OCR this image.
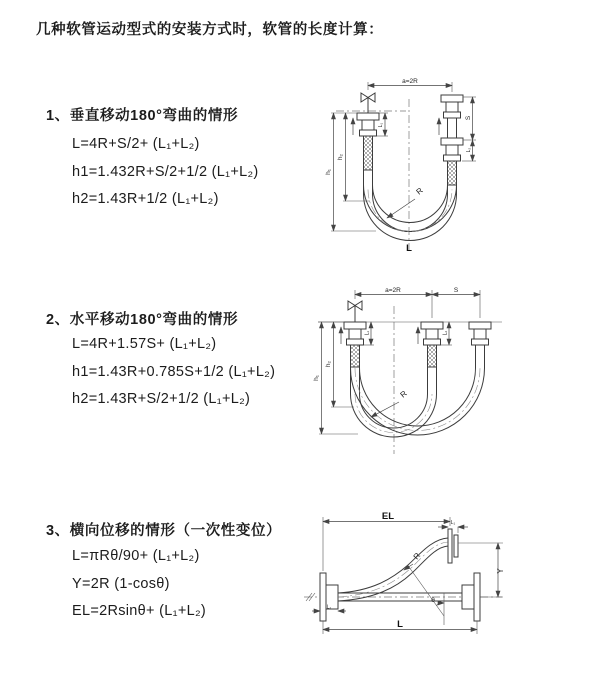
几种软管运动型式的安装方式时，软管的长度计算：
1、垂直移动180°弯曲的情形
L=4R+S/2+ (L₁+L₂)
h1=1.432R+S/2+1/2 (L₁+L₂)
h2=1.43R+1/2 (L₁+L₂)
a=2R
L₁
S
L₂
h₁
h₂
R
L
2、水平移动180°弯曲的情形
L=4R+1.57S+ (L₁+L₂)
h1=1.43R+0.785S+1/2 (L₁+L₂)
h2=1.43R+S/2+1/2 (L₁+L₂)
a=2R	S
h₁
h₂
L₁	L₂
R
3、横向位移的情形（一次性变位）
L=πRθ/90+ (L₁+L₂)
Y=2R (1-cosθ)
EL=2Rsinθ+ (L₁+L₂)
EL
L₁
Y
R
θ
L₁
L
